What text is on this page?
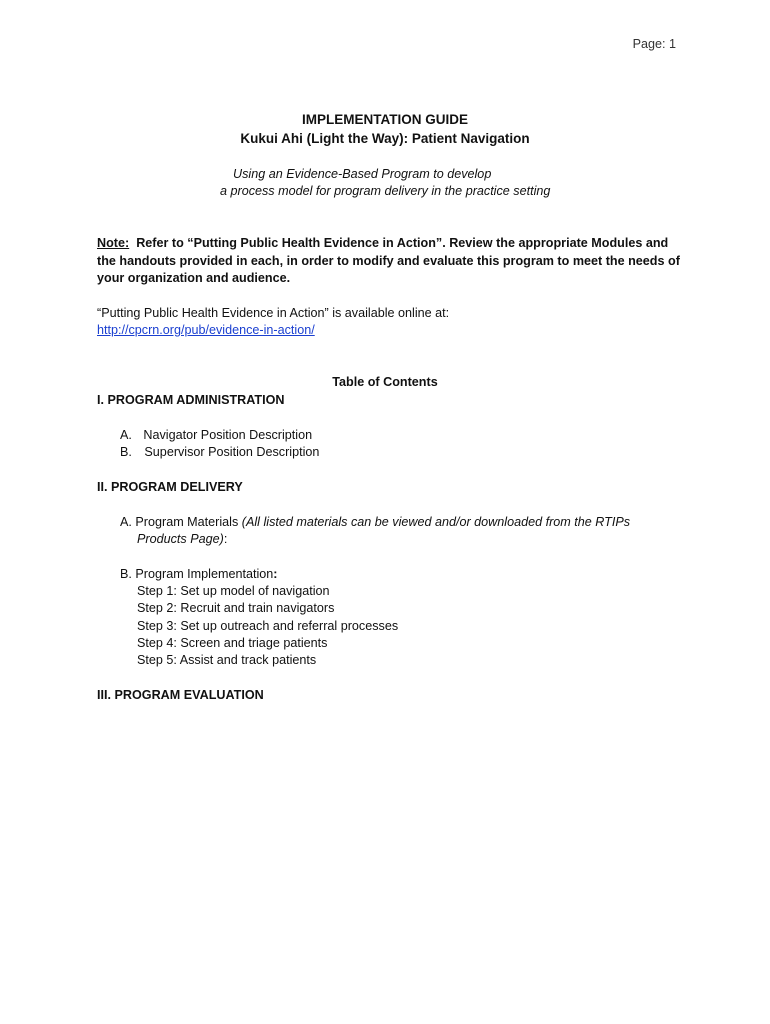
Page: 1
IMPLEMENTATION GUIDE
Kukui Ahi (Light the Way): Patient Navigation
Using an Evidence-Based Program to develop
a process model for program delivery in the practice setting
Note: Refer to “Putting Public Health Evidence in Action”. Review the appropriate Modules and the handouts provided in each, in order to modify and evaluate this program to meet the needs of your organization and audience.
“Putting Public Health Evidence in Action” is available online at:
http://cpcrn.org/pub/evidence-in-action/
Table of Contents
I. PROGRAM ADMINISTRATION
A. Navigator Position Description
B. Supervisor Position Description
II. PROGRAM DELIVERY
A. Program Materials (All listed materials can be viewed and/or downloaded from the RTIPs
Products Page):
B. Program Implementation:
Step 1: Set up model of navigation
Step 2: Recruit and train navigators
Step 3: Set up outreach and referral processes
Step 4: Screen and triage patients
Step 5: Assist and track patients
III. PROGRAM EVALUATION
